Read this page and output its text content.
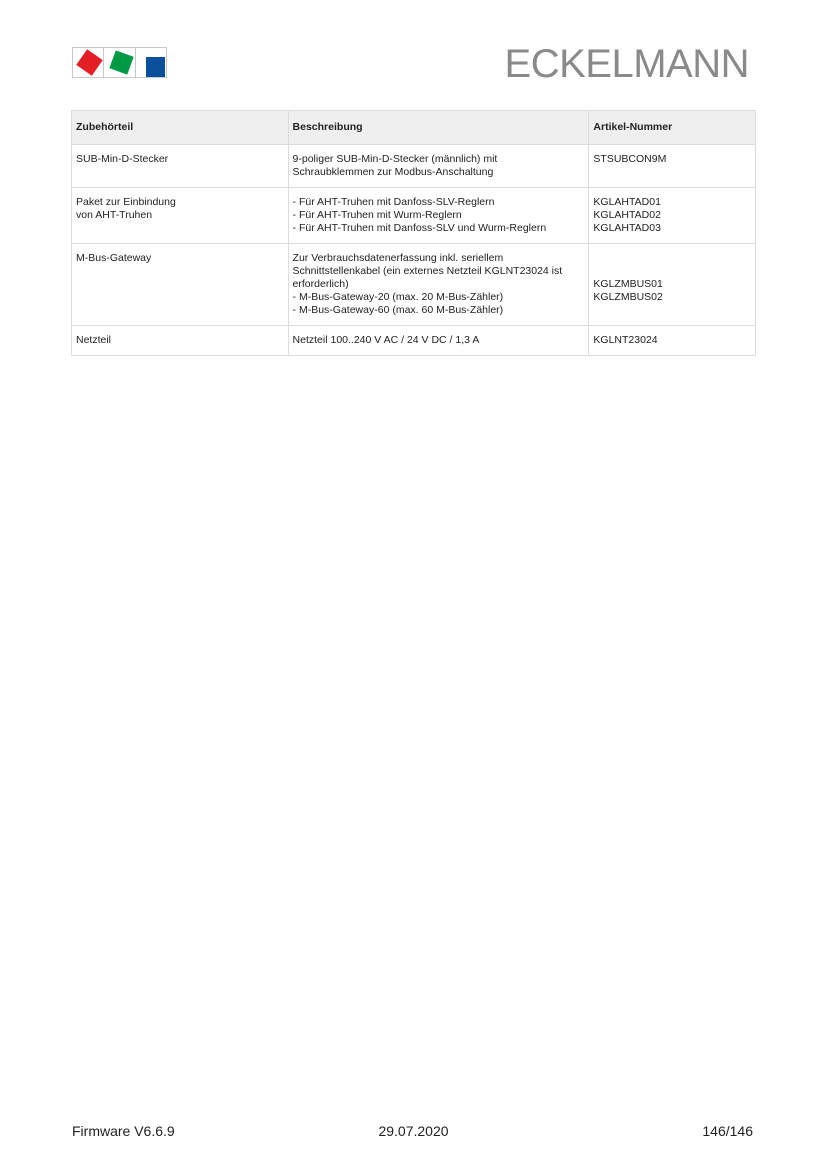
ECKELMANN
Zubehörteil	Beschreibung	Artikel-Nummer

SUB-Min-D-Stecker	9-poliger SUB-Min-D-Stecker (männlich) mit
Schraubklemmen zur Modbus-Anschaltung	STSUBCON9M

Paket zur Einbindung
von AHT-Truhen	- Für AHT-Truhen mit Danfoss-SLV-Reglern
- Für AHT-Truhen mit Wurm-Reglern
- Für AHT-Truhen mit Danfoss-SLV und Wurm-Reglern	KGLAHTAD01
KGLAHTAD02
KGLAHTAD03

M-Bus-Gateway	Zur Verbrauchsdatenerfassung inkl. seriellem
Schnittstellenkabel (ein externes Netzteil KGLNT23024 ist
erforderlich)
- M-Bus-Gateway-20 (max. 20 M-Bus-Zähler)
- M-Bus-Gateway-60 (max. 60 M-Bus-Zähler)	KGLZMBUS01
KGLZMBUS02

Netzteil	Netzteil 100..240 V AC / 24 V DC / 1,3 A	KGLNT23024
Firmware V6.6.9	29.07.2020	146/146
